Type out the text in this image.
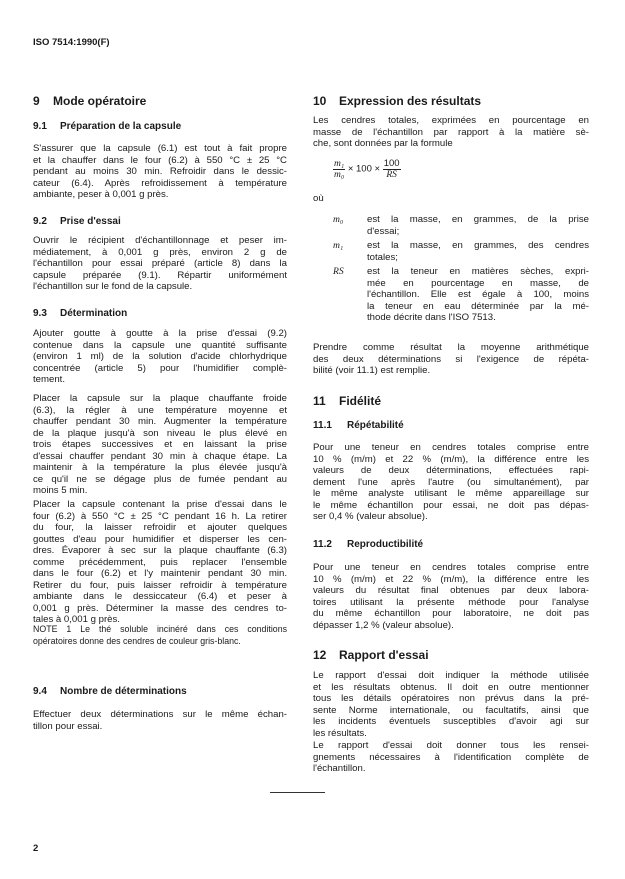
ISO 7514:1990(F)
9 Mode opératoire
9.1 Préparation de la capsule
S'assurer que la capsule (6.1) est tout à fait propre
et la chauffer dans le four (6.2) à 550 °C ± 25 °C
pendant au moins 30 min. Refroidir dans le dessic-
cateur (6.4). Après refroidissement à température
ambiante, peser à 0,001 g près.
9.2 Prise d'essai
Ouvrir le récipient d'échantillonnage et peser im-
médiatement, à 0,001 g près, environ 2 g de
l'échantillon pour essai préparé (article 8) dans la
capsule préparée (9.1). Répartir uniformément
l'échantillon sur le fond de la capsule.
9.3 Détermination
Ajouter goutte à goutte à la prise d'essai (9.2)
contenue dans la capsule une quantité suffisante
(environ 1 ml) de la solution d'acide chlorhydrique
concentrée (article 5) pour l'humidifier complè-
tement.
Placer la capsule sur la plaque chauffante froide
(6.3), la régler à une température moyenne et
chauffer pendant 30 min. Augmenter la température
de la plaque jusqu'à son niveau le plus élevé en
trois étapes successives et en laissant la prise
d'essai chauffer pendant 30 min à chaque étape. La
maintenir à la température la plus élevée jusqu'à
ce qu'il ne se dégage plus de fumée pendant au
moins 5 min.
Placer la capsule contenant la prise d'essai dans le
four (6.2) à 550 °C ± 25 °C pendant 16 h. La retirer
du four, la laisser refroidir et ajouter quelques
gouttes d'eau pour humidifier et disperser les cen-
dres. Évaporer à sec sur la plaque chauffante (6.3)
comme précédemment, puis replacer l'ensemble
dans le four (6.2) et l'y maintenir pendant 30 min.
Retirer du four, puis laisser refroidir à température
ambiante dans le dessiccateur (6.4) et peser à
0,001 g près. Déterminer la masse des cendres to-
tales à 0,001 g près.
NOTE 1 Le thé soluble incinéré dans ces conditions
opératoires donne des cendres de couleur gris-blanc.
9.4 Nombre de déterminations
Effectuer deux déterminations sur le même échan-
tillon pour essai.
10 Expression des résultats
Les cendres totales, exprimées en pourcentage en
masse de l'échantillon par rapport à la matière sè-
che, sont données par la formule
Prendre comme résultat la moyenne arithmétique
des deux déterminations si l'exigence de répéta-
bilité (voir 11.1) est remplie.
11 Fidélité
11.1 Répétabilité
Pour une teneur en cendres totales comprise entre
10 % (m/m) et 22 % (m/m), la différence entre les
valeurs de deux déterminations, effectuées rapi-
dement l'une après l'autre (ou simultanément), par
le même analyste utilisant le même appareillage sur
le même échantillon pour essai, ne doit pas dépas-
ser 0,4 % (valeur absolue).
11.2 Reproductibilité
Pour une teneur en cendres totales comprise entre
10 % (m/m) et 22 % (m/m), la différence entre les
valeurs du résultat final obtenues par deux labora-
toires utilisant la présente méthode pour l'analyse
du même échantillon pour laboratoire, ne doit pas
dépasser 1,2 % (valeur absolue).
12 Rapport d'essai
Le rapport d'essai doit indiquer la méthode utilisée
et les résultats obtenus. Il doit en outre mentionner
tous les détails opératoires non prévus dans la pré-
sente Norme internationale, ou facultatifs, ainsi que
les incidents éventuels susceptibles d'avoir agi sur
les résultats.
Le rapport d'essai doit donner tous les rensei-
gnements nécessaires à l'identification complète de
l'échantillon.
$\frac{\text{m₁}}{\text{m₀}} \times 100 \times \frac{100}{RS}$
où
m₀ est la masse, en grammes, de la prise
d'essai;
m₁ est la masse, en grammes, des cendres
totales;
RS est la teneur en matières sèches, expri-
mée en pourcentage en masse, de
l'échantillon. Elle est égale à 100, moins
la teneur en eau déterminée par la mé-
thode décrite dans l'ISO 7513.
2
